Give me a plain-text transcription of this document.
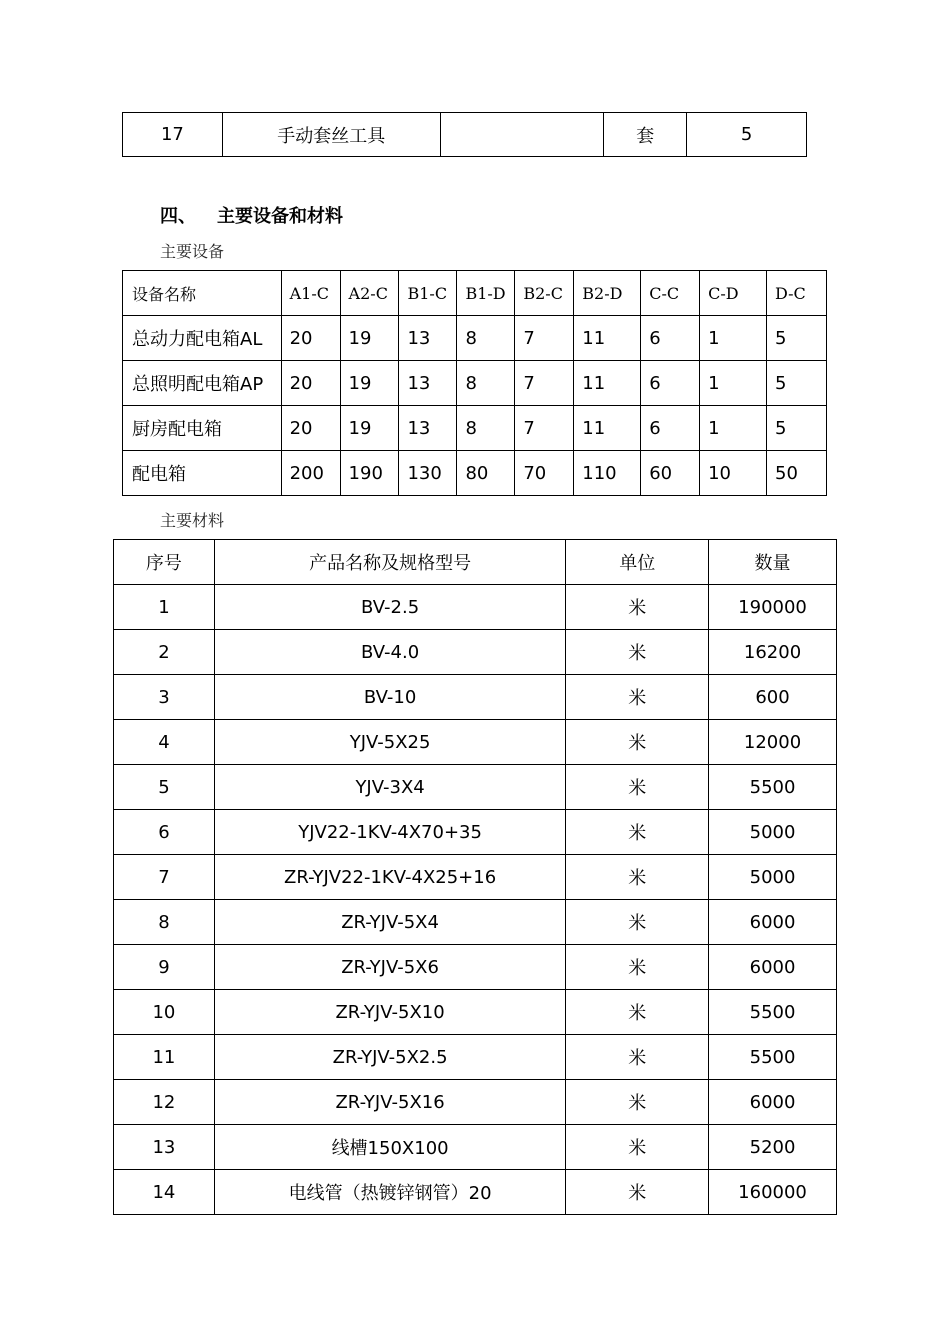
17	手动套丝工具		套	5
四、 主要设备和材料
主要设备
设备名称	A1-C	A2-C	B1-C	B1-D	B2-C	B2-D	C-C	C-D	D-C
总动力配电箱AL	20	19	13	8	7	11	6	1	5
总照明配电箱AP	20	19	13	8	7	11	6	1	5
厨房配电箱	20	19	13	8	7	11	6	1	5
配电箱	200	190	130	80	70	110	60	10	50
主要材料
序号	产品名称及规格型号	单位	数量
1	BV-2.5	米	190000
2	BV-4.0	米	16200
3	BV-10	米	600
4	YJV-5X25	米	12000
5	YJV-3X4	米	5500
6	YJV22-1KV-4X70+35	米	5000
7	ZR-YJV22-1KV-4X25+16	米	5000
8	ZR-YJV-5X4	米	6000
9	ZR-YJV-5X6	米	6000
10	ZR-YJV-5X10	米	5500
11	ZR-YJV-5X2.5	米	5500
12	ZR-YJV-5X16	米	6000
13	线槽150X100	米	5200
14	电线管（热镀锌钢管）20	米	160000
